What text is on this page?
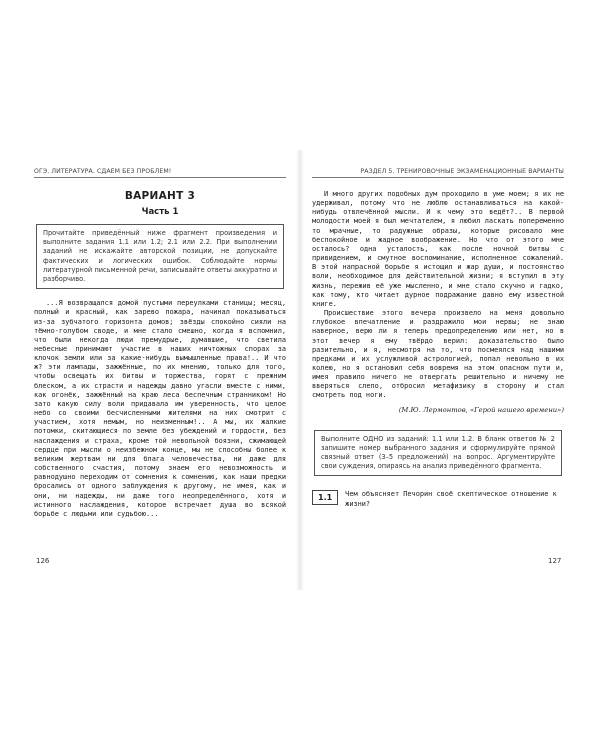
ОГЭ. ЛИТЕРАТУРА. СДАЁМ БЕЗ ПРОБЛЕМ!
ВАРИАНТ 3
Часть 1
Прочитайте приведённый ниже фрагмент произведения и выполните задания 1.1 или 1.2; 2.1 или 2.2. При выполнении заданий не искажайте авторской позиции, не допускайте фактических и логических ошибок. Соблюдайте нормы литературной письменной речи, записывайте ответы аккуратно и разборчиво.

...Я возвращался домой пустыми переулками станицы; месяц, полный и красный, как зарево пожара, начинал показываться из-за зубчатого горизонта домов; звёзды спокойно сияли на тёмно-голубом своде, и мне стало смешно, когда я вспомнил, что были некогда люди премудрые, думавшие, что светила небесные принимают участие в наших ничтожных спорах за клочок земли или за какие-нибудь вымышленные права!.. И что ж? эти лампады, зажжённые, по их мнению, только для того, чтобы освещать их битвы и торжества, горят с прежним блеском, а их страсти и надежды давно угасли вместе с ними, как огонёк, зажжённый на краю леса беспечным странником! Но зато какую силу воли придавала им уверенность, что целое небо со своими бесчисленными жителями на них смотрит с участием, хотя немым, но неизменным!.. А мы, их жалкие потомки, скитающиеся по земле без убеждений и гордости, без наслаждения и страха, кроме той невольной боязни, сжимающей сердце при мысли о неизбежном конце, мы не способны более к великим жертвам ни для блага человечества, ни даже для собственного счастия, потому знаем его невозможность и равнодушно переходим от сомнения к сомнению, как наши предки бросались от одного заблуждения к другому, не имея, как и они, ни надежды, ни даже того неопределённого, хотя и истинного наслаждения, которое встречает душа во всякой борьбе с людьми или судьбою...

126
РАЗДЕЛ 5. ТРЕНИРОВОЧНЫЕ ЭКЗАМЕНАЦИОННЫЕ ВАРИАНТЫ

И много других подобных дум проходило в уме моем; я их не удерживал, потому что не люблю останавливаться на какой-нибудь отвлечённой мысли. И к чему это ведёт?.. В первой молодости моей я был мечтателем, я любил ласкать попеременно то мрачные, то радужные образы, которые рисовало мне беспокойное и жадное воображение. Но что от этого мне осталось? одна усталость, как после ночной битвы с привидением, и смутное воспоминание, исполненное сожалений. В этой напрасной борьбе я истощил и жар души, и постоянство воли, необходимое для действительной жизни; я вступил в эту жизнь, пережив её уже мысленно, и мне стало скучно и гадко, как тому, кто читает дурное подражание давно ему известной книге.

Происшествие этого вечера произвело на меня довольно глубокое впечатление и раздражило мои нервы; не знаю наверное, верю ли я теперь предопределению или нет, но в этот вечер я ему твёрдо верил: доказательство было разительно, и я, несмотря на то, что посмеялся над нашими предками и их услужливой астрологией, попал невольно в их колею, но я остановил себя вовремя на этом опасном пути и, имея правило ничего не отвергать решительно и ничему не вверяться слепо, отбросил метафизику в сторону и стал смотреть под ноги.

(М.Ю. Лермонтов, «Герой нашего времени»)
Выполните ОДНО из заданий: 1.1 или 1.2. В бланк ответов № 2 запишите номер выбранного задания и сформулируйте прямой связный ответ (3–5 предложений) на вопрос. Аргументируйте свои суждения, опираясь на анализ приведённого фрагмента.
1.1	Чем объясняет Печорин своё скептическое отношение к жизни?
127
